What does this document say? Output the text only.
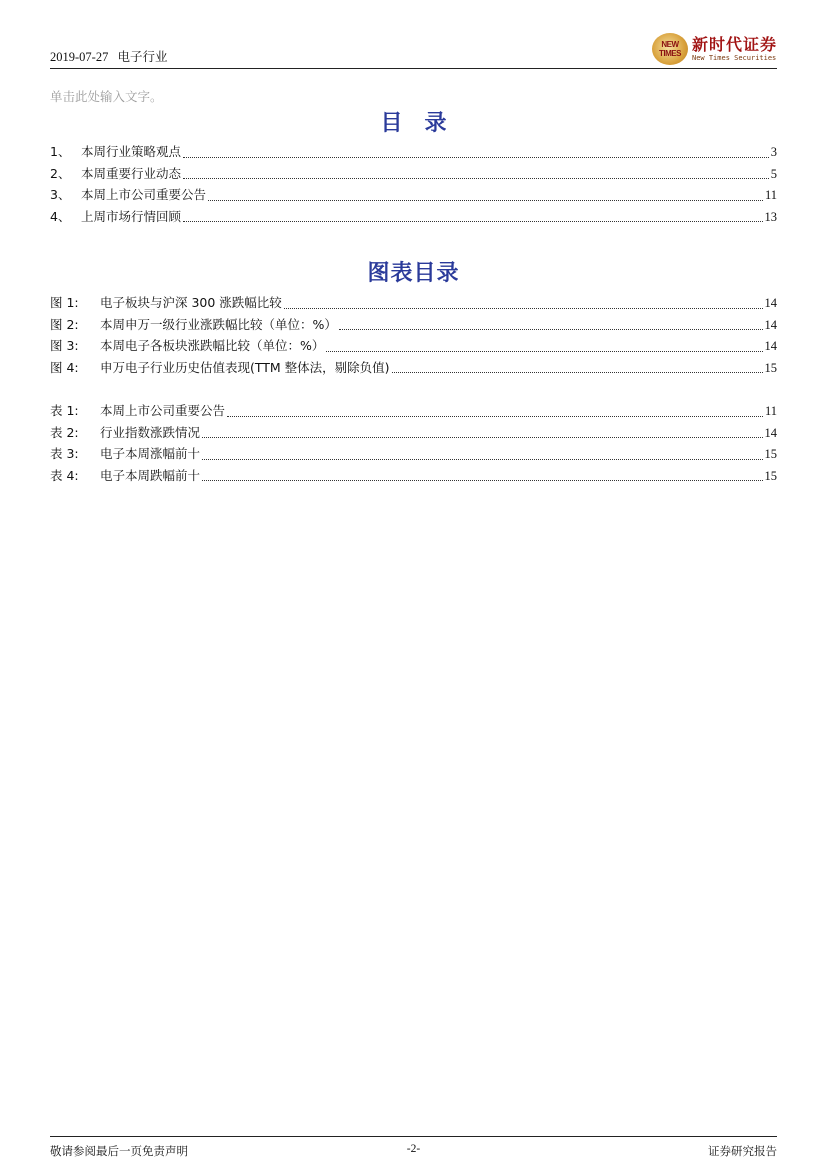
2019-07-27 电子行业
NEW
TIMES 新时代证券
New Times Securities
单击此处输入文字。
目录
1、 本周行业策略观点	3
2、 本周重要行业动态	5
3、 本周上市公司重要公告	11
4、 上周市场行情回顾	13
图表目录
图 1:	电子板块与沪深 300 涨跌幅比较	14
图 2:	本周申万一级行业涨跌幅比较（单位：%）	14
图 3:	本周电子各板块涨跌幅比较（单位：%）	14
图 4:	申万电子行业历史估值表现(TTM 整体法，剔除负值)	15
表 1:	本周上市公司重要公告	11
表 2:	行业指数涨跌情况	14
表 3:	电子本周涨幅前十	15
表 4:	电子本周跌幅前十	15
敬请参阅最后一页免责声明	-2-	证券研究报告
